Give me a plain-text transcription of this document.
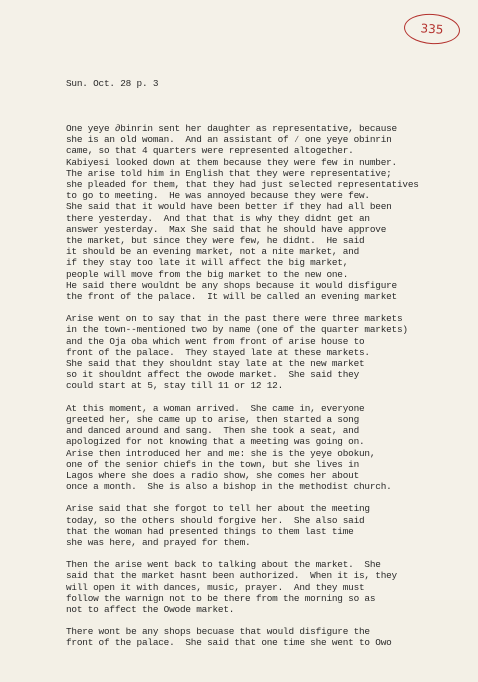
335

Sun. Oct. 28 p. 3

One yeye ∂binrin sent her daughter as representative, because
she is an old woman.  And an assistant of ∕ one yeye obinrin
came, so that 4 quarters were represented altogether.
Kabiyesi looked down at them because they were few in number.
The arise told him in English that they were representative;
she pleaded for them, that they had just selected representatives
to go to meeting.  He was annoyed because they were few.
She said that it would have been better if they had all been
there yesterday.  And that that is why they didnt get an
answer yesterday.  Max She said that he should have approve
the market, but since they were few, he didnt.  He said
it should be an evening market, not a nite market, and
if they stay too late it will affect the big market,
people will move from the big market to the new one.
He said there wouldnt be any shops because it would disfigure
the front of the palace.  It will be called an evening market
Arise went on to say that in the past there were three markets
in the town--mentioned two by name (one of the quarter markets)
and the Oja oba which went from front of arise house to
front of the palace.  They stayed late at these markets.
She said that they shouldnt stay late at the new market
so it shouldnt affect the owode market.  She said they
could start at 5, stay till 11 or 12 12.
At this moment, a woman arrived.  She came in, everyone
greeted her, she came up to arise, then started a song
and danced around and sang.  Then she took a seat, and
apologized for not knowing that a meeting was going on.
Arise then introduced her and me: she is the yeye obokun,
one of the senior chiefs in the town, but she lives in
Lagos where she does a radio show, she comes her about
once a month.  She is also a bishop in the methodist church.
Arise said that she forgot to tell her about the meeting
today, so the others should forgive her.  She also said
that the woman had presented things to them last time
she was here, and prayed for them.
Then the arise went back to talking about the market.  She
said that the market hasnt been authorized.  When it is, they
will open it with dances, music, prayer.  And they must
follow the warnign not to be there from the morning so as
not to affect the Owode market.
There wont be any shops becuase that would disfigure the
front of the palace.  She said that one time she went to Owo
